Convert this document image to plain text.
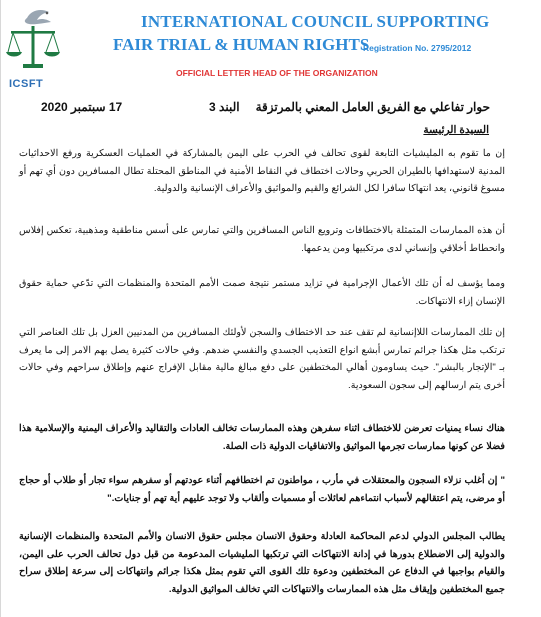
ICSFT
INTERNATIONAL COUNCIL SUPPORTING
FAIR TRIAL & HUMAN RIGHTS
Registration No. 2795/2012
OFFICIAL LETTER HEAD OF THE ORGANIZATION
17 سبتمبر 2020	البند 3 حوار تفاعلي مع الفريق العامل المعني بالمرتزقة
السيدة الرئيسة

إن ما تقوم به المليشيات التابعة لقوى تحالف في الحرب على اليمن بالمشاركة في العمليات العسكرية ورفع الاحداثيات المدنية لاستهدافها بالطيران الحربي وحالات اختطاف في النقاط الأمنية في المناطق المحتلة تطال المسافرين دون أي تهم أو مسوغ قانوني، يعد انتهاكا سافرا لكل الشرائع والقيم والمواثيق والأعراف الإنسانية والدولية.

أن هذه الممارسات المتمثلة بالاختطافات وترويع الناس المسافرين والتي تمارس على أسس مناطقية ومذهبية، تعكس إفلاس وانحطاط أخلاقي وإنساني لدى مرتكبيها ومن يدعمها.

ومما يؤسف له أن تلك الأعمال الإجرامية في تزايد مستمر نتيجة صمت الأمم المتحدة والمنظمات التي تدّعي حماية حقوق الإنسان إزاء الانتهاكات.

إن تلك الممارسات اللاإنسانية لم تقف عند حد الاختطاف والسجن لأولئك المسافرين من المدنيين العزل بل تلك العناصر التي ترتكب مثل هكذا جرائم تمارس أبشع انواع التعذيب الجسدي والنفسي ضدهم. وفي حالات كثيرة يصل بهم الامر إلى ما يعرف بـ "الإتجار بالبشر". حيث يساومون أهالي المختطفين على دفع مبالغ مالية مقابل الإفراج عنهم وإطلاق سراحهم وفي حالات أخرى يتم ارسالهم إلى سجون السعودية.

هناك نساء يمنيات تعرضن للاختطاف اثناء سفرهن وهذه الممارسات تخالف العادات والتقاليد والأعراف اليمنية والإسلامية هذا فضلا عن كونها ممارسات تجرمها المواثيق والاتفاقيات الدولية ذات الصلة.

" إن أغلب نزلاء السجون والمعتقلات في مأرب ، مواطنون تم اختطافهم أثناء عودتهم أو سفرهم سواء تجار أو طلاب أو حجاج أو مرضى، يتم اعتقالهم لأسباب انتماءهم لعائلات أو مسميات وألقاب ولا توجد عليهم أية تهم أو جنايات."

يطالب المجلس الدولي لدعم المحاكمة العادلة وحقوق الانسان مجلس حقوق الانسان والأمم المتحدة والمنظمات الإنسانية والدولية إلى الاضطلاع بدورها في إدانة الانتهاكات التي ترتكبها المليشيات المدعومة من قبل دول تحالف الحرب على اليمن، والقيام بواجبها في الدفاع عن المختطفين ودعوة تلك القوى التي تقوم بمثل هكذا جرائم وانتهاكات إلى سرعة إطلاق سراح جميع المختطفين وإيقاف مثل هذه الممارسات والانتهاكات التي تخالف المواثيق الدولية.
